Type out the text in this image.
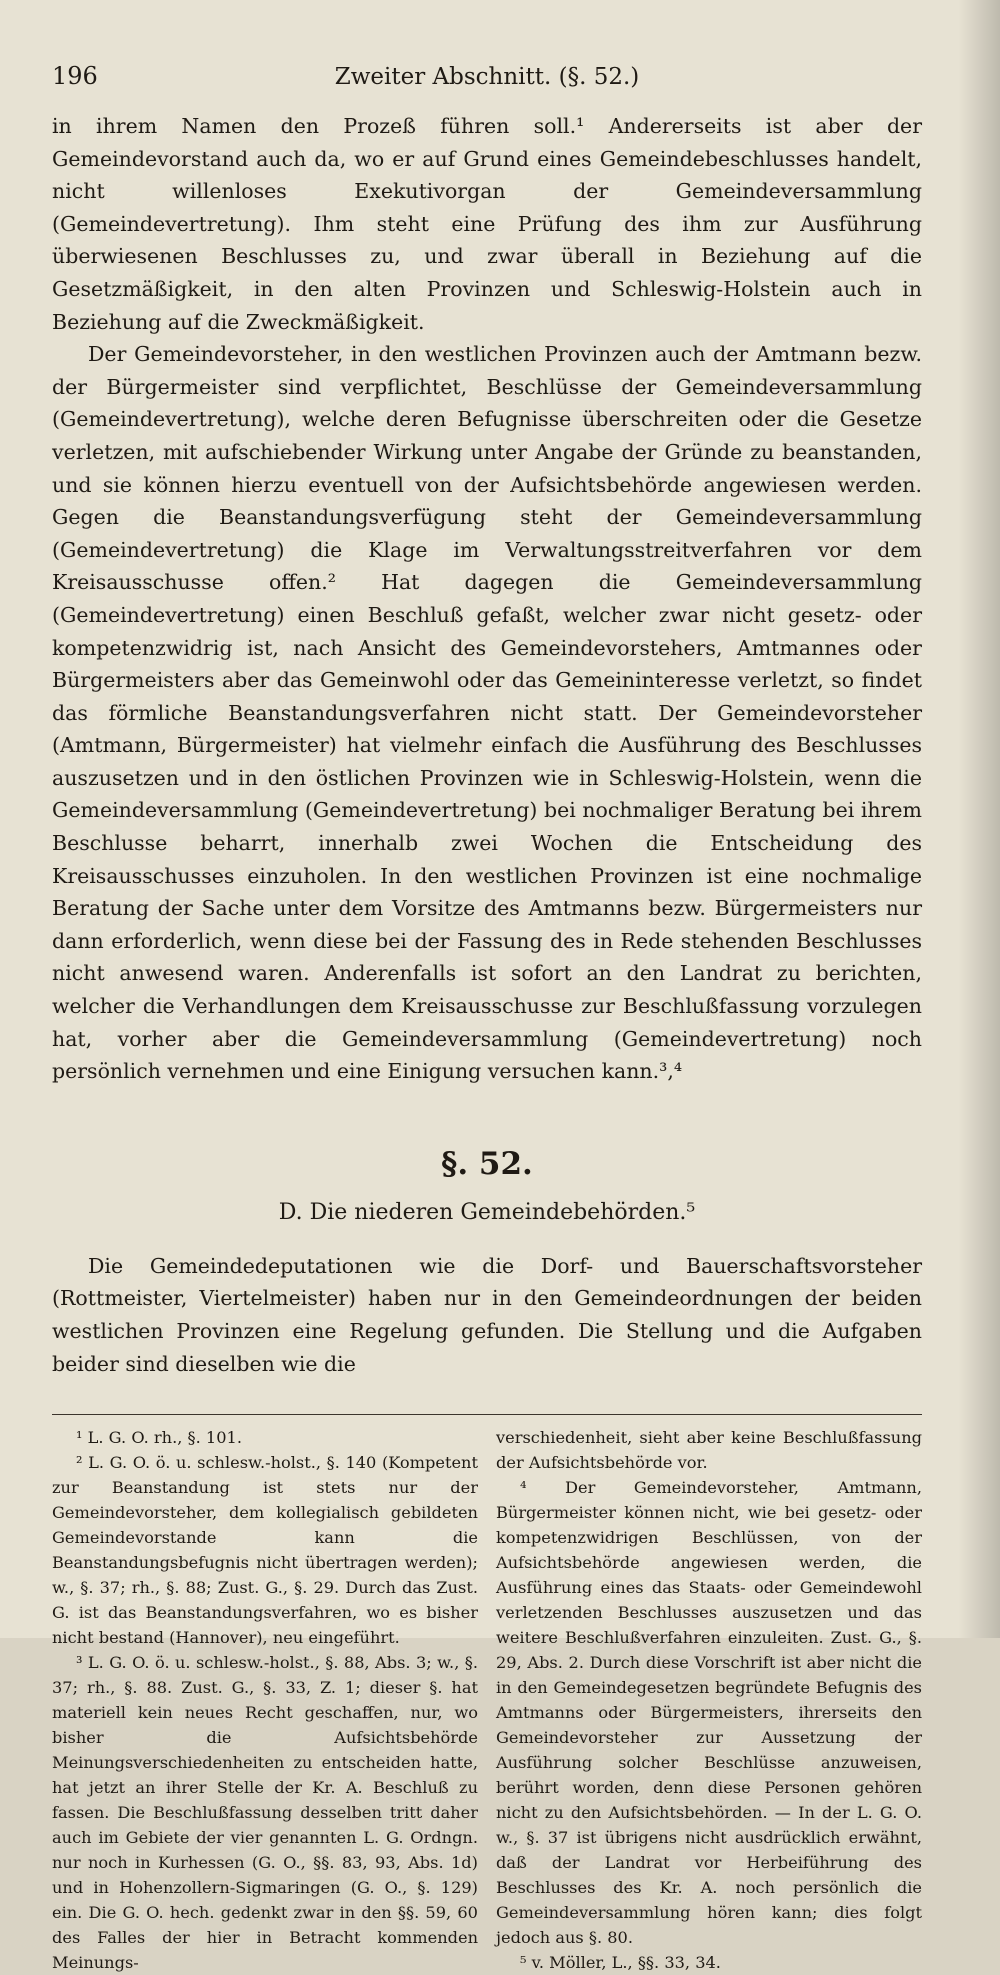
196	Zweiter Abschnitt. (§. 52.)

in ihrem Namen den Prozeß führen soll.¹ Andererseits ist aber der Gemeindevorstand auch da, wo er auf Grund eines Gemeindebeschlusses handelt, nicht willenloses Exekutivorgan der Gemeindeversammlung (Gemeindevertretung). Ihm steht eine Prüfung des ihm zur Ausführung überwiesenen Beschlusses zu, und zwar überall in Beziehung auf die Gesetzmäßigkeit, in den alten Provinzen und Schleswig-Holstein auch in Beziehung auf die Zweckmäßigkeit.

Der Gemeindevorsteher, in den westlichen Provinzen auch der Amtmann bezw. der Bürgermeister sind verpflichtet, Beschlüsse der Gemeindeversammlung (Gemeindevertretung), welche deren Befugnisse überschreiten oder die Gesetze verletzen, mit aufschiebender Wirkung unter Angabe der Gründe zu beanstanden, und sie können hierzu eventuell von der Aufsichtsbehörde angewiesen werden. Gegen die Beanstandungsverfügung steht der Gemeindeversammlung (Gemeindevertretung) die Klage im Verwaltungsstreitverfahren vor dem Kreisausschusse offen.² Hat dagegen die Gemeindeversammlung (Gemeindevertretung) einen Beschluß gefaßt, welcher zwar nicht gesetz- oder kompetenzwidrig ist, nach Ansicht des Gemeindevorstehers, Amtmannes oder Bürgermeisters aber das Gemeinwohl oder das Gemeininteresse verletzt, so findet das förmliche Beanstandungsverfahren nicht statt. Der Gemeindevorsteher (Amtmann, Bürgermeister) hat vielmehr einfach die Ausführung des Beschlusses auszusetzen und in den östlichen Provinzen wie in Schleswig-Holstein, wenn die Gemeindeversammlung (Gemeindevertretung) bei nochmaliger Beratung bei ihrem Beschlusse beharrt, innerhalb zwei Wochen die Entscheidung des Kreisausschusses einzuholen. In den westlichen Provinzen ist eine nochmalige Beratung der Sache unter dem Vorsitze des Amtmanns bezw. Bürgermeisters nur dann erforderlich, wenn diese bei der Fassung des in Rede stehenden Beschlusses nicht anwesend waren. Anderenfalls ist sofort an den Landrat zu berichten, welcher die Verhandlungen dem Kreisausschusse zur Beschlußfassung vorzulegen hat, vorher aber die Gemeindeversammlung (Gemeindevertretung) noch persönlich vernehmen und eine Einigung versuchen kann.³,⁴

§. 52.
D. Die niederen Gemeindebehörden.⁵

Die Gemeindedeputationen wie die Dorf- und Bauerschaftsvorsteher (Rottmeister, Viertelmeister) haben nur in den Gemeindeordnungen der beiden westlichen Provinzen eine Regelung gefunden. Die Stellung und die Aufgaben beider sind dieselben wie die

¹ L. G. O. rh., §. 101.

² L. G. O. ö. u. schlesw.-holst., §. 140 (Kompetent zur Beanstandung ist stets nur der Gemeindevorsteher, dem kollegialisch gebildeten Gemeindevorstande kann die Beanstandungsbefugnis nicht übertragen werden); w., §. 37; rh., §. 88; Zust. G., §. 29. Durch das Zust. G. ist das Beanstandungsverfahren, wo es bisher nicht bestand (Hannover), neu eingeführt.

³ L. G. O. ö. u. schlesw.-holst., §. 88, Abs. 3; w., §. 37; rh., §. 88. Zust. G., §. 33, Z. 1; dieser §. hat materiell kein neues Recht geschaffen, nur, wo bisher die Aufsichtsbehörde Meinungsverschiedenheiten zu entscheiden hatte, hat jetzt an ihrer Stelle der Kr. A. Beschluß zu fassen. Die Beschlußfassung desselben tritt daher auch im Gebiete der vier genannten L. G. Ordngn. nur noch in Kurhessen (G. O., §§. 83, 93, Abs. 1d) und in Hohenzollern-Sigmaringen (G. O., §. 129) ein. Die G. O. hech. gedenkt zwar in den §§. 59, 60 des Falles der hier in Betracht kommenden Meinungs-

verschiedenheit, sieht aber keine Beschlußfassung der Aufsichtsbehörde vor.

⁴ Der Gemeindevorsteher, Amtmann, Bürgermeister können nicht, wie bei gesetz- oder kompetenzwidrigen Beschlüssen, von der Aufsichtsbehörde angewiesen werden, die Ausführung eines das Staats- oder Gemeindewohl verletzenden Beschlusses auszusetzen und das weitere Beschlußverfahren einzuleiten. Zust. G., §. 29, Abs. 2. Durch diese Vorschrift ist aber nicht die in den Gemeindegesetzen begründete Befugnis des Amtmanns oder Bürgermeisters, ihrerseits den Gemeindevorsteher zur Aussetzung der Ausführung solcher Beschlüsse anzuweisen, berührt worden, denn diese Personen gehören nicht zu den Aufsichtsbehörden. — In der L. G. O. w., §. 37 ist übrigens nicht ausdrücklich erwähnt, daß der Landrat vor Herbeiführung des Beschlusses des Kr. A. noch persönlich die Gemeindeversammlung hören kann; dies folgt jedoch aus §. 80.

⁵ v. Möller, L., §§. 33, 34.
